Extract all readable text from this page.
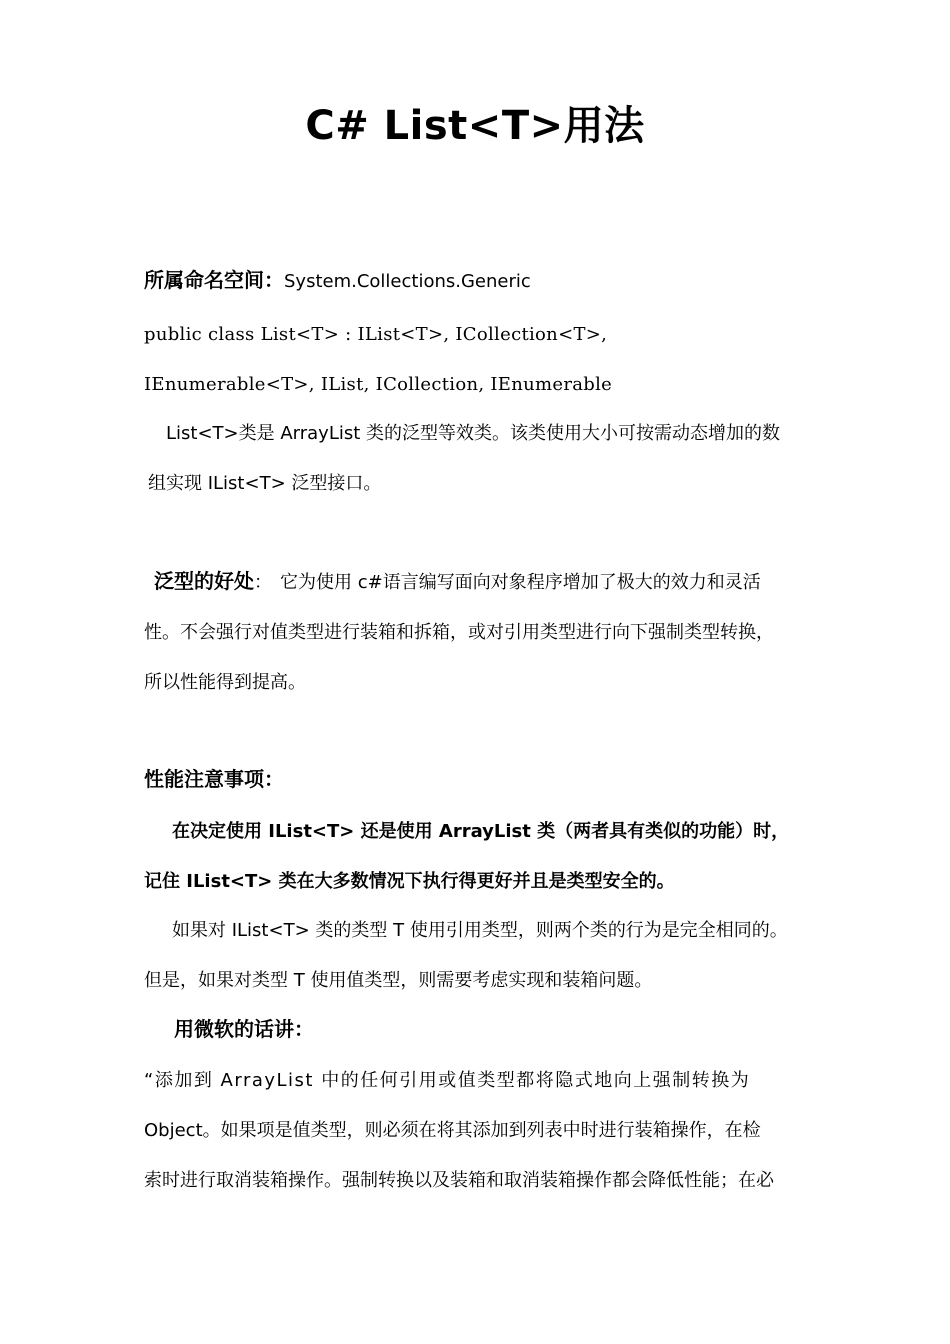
C# List<T>用法
所属命名空间：System.Collections.Generic
public class List<T> : IList<T>, ICollection<T>,
IEnumerable<T>, IList, ICollection, IEnumerable
List<T>类是 ArrayList 类的泛型等效类。该类使用大小可按需动态增加的数
组实现 IList<T> 泛型接口。
泛型的好处： 它为使用 c#语言编写面向对象程序增加了极大的效力和灵活
性。不会强行对值类型进行装箱和拆箱，或对引用类型进行向下强制类型转换，
所以性能得到提高。
性能注意事项：
在决定使用 IList<T> 还是使用 ArrayList 类（两者具有类似的功能）时，
记住 IList<T> 类在大多数情况下执行得更好并且是类型安全的。
如果对 IList<T> 类的类型 T 使用引用类型，则两个类的行为是完全相同的。
但是，如果对类型 T 使用值类型，则需要考虑实现和装箱问题。
用微软的话讲：
“添加到 ArrayList 中的任何引用或值类型都将隐式地向上强制转换为
Object。如果项是值类型，则必须在将其添加到列表中时进行装箱操作，在检
索时进行取消装箱操作。强制转换以及装箱和取消装箱操作都会降低性能；在必
